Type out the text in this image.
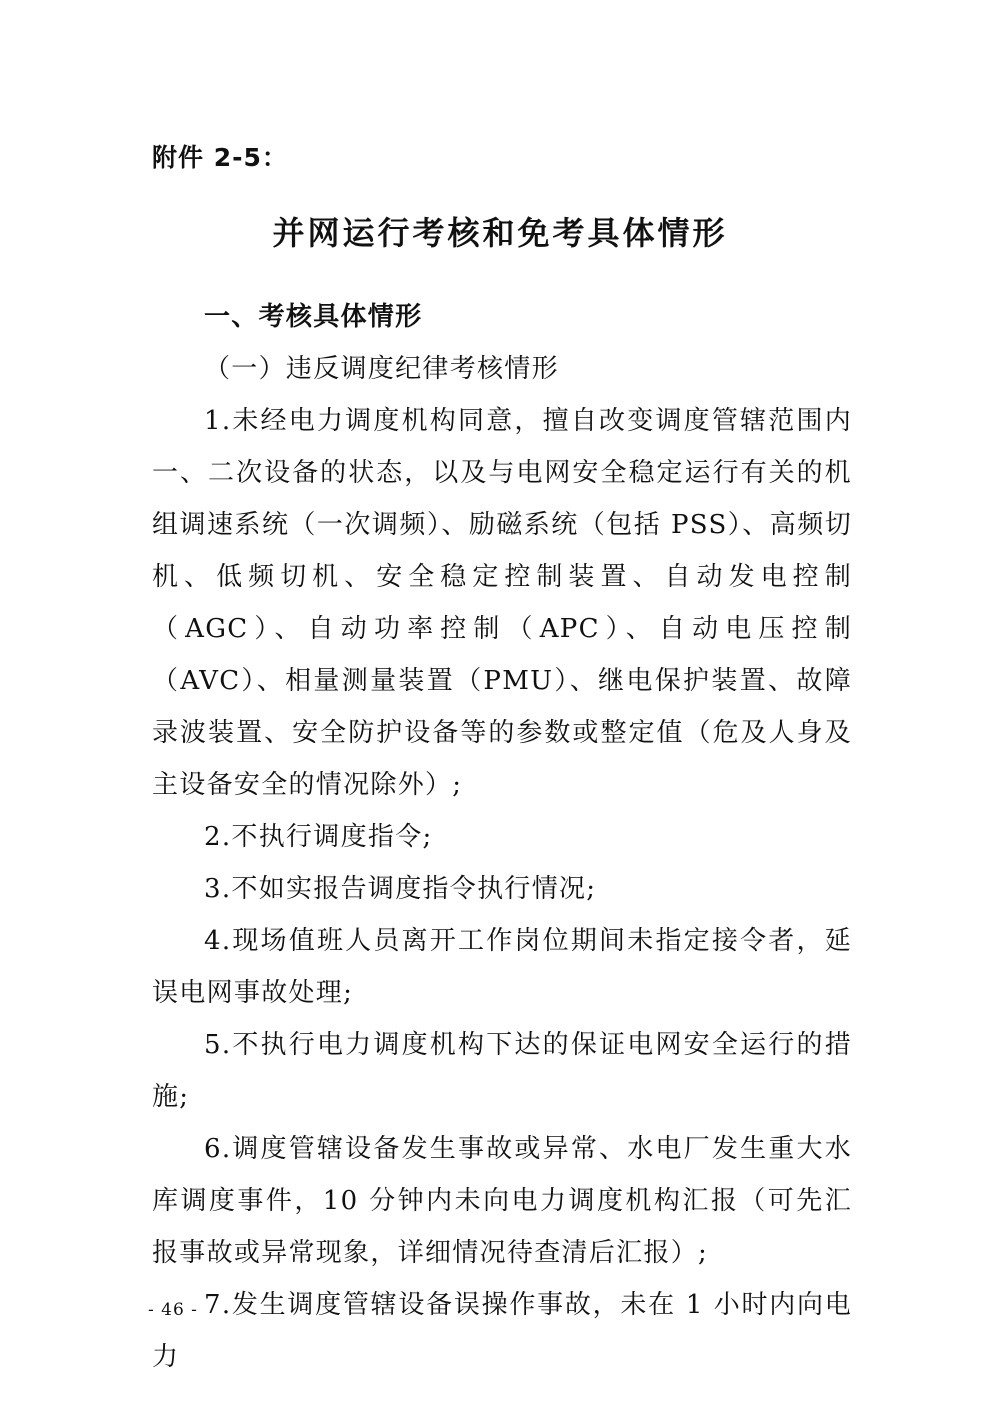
附件 2-5：
并网运行考核和免考具体情形

一、考核具体情形

（一）违反调度纪律考核情形

1.未经电力调度机构同意，擅自改变调度管辖范围内一、二次设备的状态，以及与电网安全稳定运行有关的机组调速系统（一次调频）、励磁系统（包括 PSS）、高频切机、低频切机、安全稳定控制装置、自动发电控制（AGC）、自动功率控制（APC）、自动电压控制（AVC）、相量测量装置（PMU）、继电保护装置、故障录波装置、安全防护设备等的参数或整定值（危及人身及主设备安全的情况除外）;

2.不执行调度指令;

3.不如实报告调度指令执行情况;

4.现场值班人员离开工作岗位期间未指定接令者，延误电网事故处理;

5.不执行电力调度机构下达的保证电网安全运行的措施;

6.调度管辖设备发生事故或异常、水电厂发生重大水库调度事件，10 分钟内未向电力调度机构汇报（可先汇报事故或异常现象，详细情况待查清后汇报）;

7.发生调度管辖设备误操作事故，未在 1 小时内向电力

- 46 -
